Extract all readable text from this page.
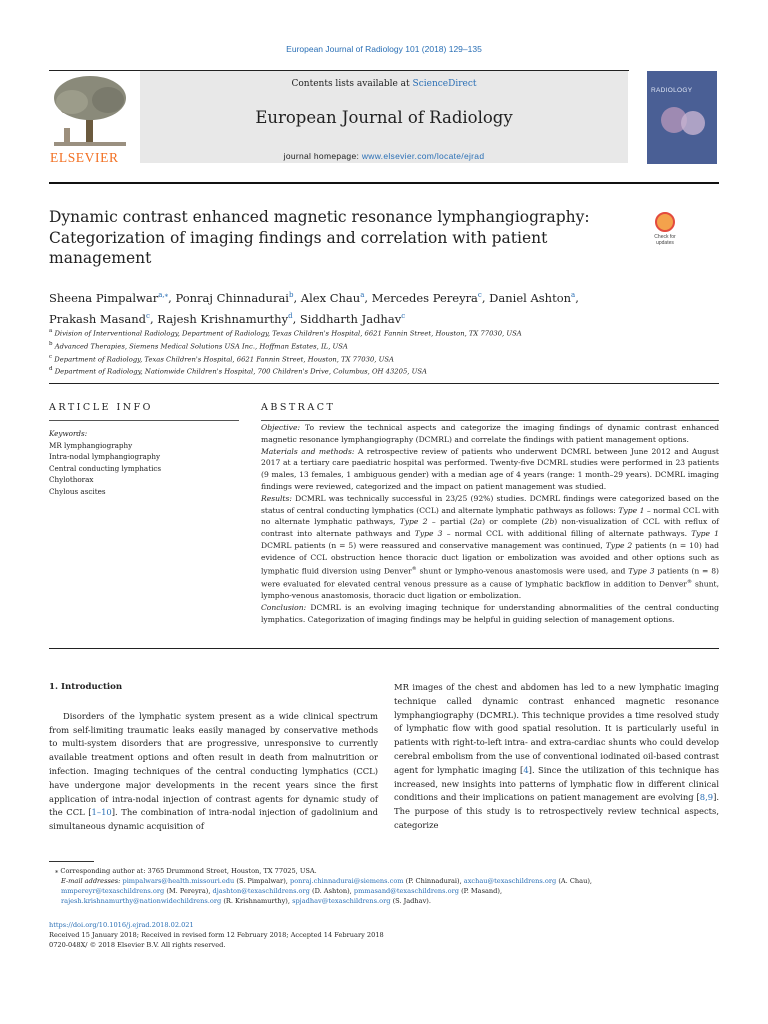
European Journal of Radiology 101 (2018) 129–135
ELSEVIER
Contents lists available at ScienceDirect
European Journal of Radiology
journal homepage: www.elsevier.com/locate/ejrad
RADIOLOGY
Dynamic contrast enhanced magnetic resonance lymphangiography: Categorization of imaging findings and correlation with patient management
Check for updates
Sheena Pimpalwar$^{a,⁎}$, Ponraj Chinnadurai$^b$, Alex Chau$^a$, Mercedes Pereyra$^c$, Daniel Ashton$^a$,
Prakash Masand$^c$, Rajesh Krishnamurthy$^d$, Siddharth Jadhav$^c$
$^a$ Division of Interventional Radiology, Department of Radiology, Texas Children's Hospital, 6621 Fannin Street, Houston, TX 77030, USA
$^b$ Advanced Therapies, Siemens Medical Solutions USA Inc., Hoffman Estates, IL, USA
$^c$ Department of Radiology, Texas Children's Hospital, 6621 Fannin Street, Houston, TX 77030, USA
$^d$ Department of Radiology, Nationwide Children's Hospital, 700 Children's Drive, Columbus, OH 43205, USA
ARTICLE INFO	ABSTRACT
Keywords:
MR lymphangiography
Intra-nodal lymphangiography
Central conducting lymphatics
Chylothorax
Chylous ascites

Objective: To review the technical aspects and categorize the imaging findings of dynamic contrast enhanced magnetic resonance lymphangiography (DCMRL) and correlate the findings with patient management options.

Materials and methods: A retrospective review of patients who underwent DCMRL between June 2012 and August 2017 at a tertiary care paediatric hospital was performed. Twenty-five DCMRL studies were performed in 23 patients (9 males, 13 females, 1 ambiguous gender) with a median age of 4 years (range: 1 month–29 years). DCMRL imaging findings were reviewed, categorized and the impact on patient management was studied.

Results: DCMRL was technically successful in 23/25 (92%) studies. DCMRL findings were categorized based on the status of central conducting lymphatics (CCL) and alternate lymphatic pathways as follows: Type 1 – normal CCL with no alternate lymphatic pathways, Type 2 – partial (2a) or complete (2b) non-visualization of CCL with reflux of contrast into alternate pathways and Type 3 – normal CCL with additional filling of alternate pathways. Type 1 DCMRL patients (n = 5) were reassured and conservative management was continued, Type 2 patients (n = 10) had evidence of CCL obstruction hence thoracic duct ligation or embolization was avoided and other options such as lymphatic fluid diversion using Denver® shunt or lympho-venous anastomosis were used, and Type 3 patients (n = 8) were evaluated for elevated central venous pressure as a cause of lymphatic backflow in addition to Denver® shunt, lympho-venous anastomosis, thoracic duct ligation or embolization.

Conclusion: DCMRL is an evolving imaging technique for understanding abnormalities of the central conducting lymphatics. Categorization of imaging findings may be helpful in guiding selection of management options.

1. Introduction

Disorders of the lymphatic system present as a wide clinical spectrum from self-limiting traumatic leaks easily managed by conservative methods to multi-system disorders that are progressive, unresponsive to currently available treatment options and often result in death from malnutrition or infection. Imaging techniques of the central conducting lymphatics (CCL) have undergone major developments in the recent years since the first application of intra-nodal injection of contrast agents for dynamic study of the CCL [1–10]. The combination of intra-nodal injection of gadolinium and simultaneous dynamic acquisition of

MR images of the chest and abdomen has led to a new lymphatic imaging technique called dynamic contrast enhanced magnetic resonance lymphangiography (DCMRL). This technique provides a time resolved study of lymphatic flow with good spatial resolution. It is particularly useful in patients with right-to-left intra- and extra-cardiac shunts who could develop cerebral embolism from the use of conventional iodinated oil-based contrast agent for lymphatic imaging [4]. Since the utilization of this technique has increased, new insights into patterns of lymphatic flow in different clinical conditions and their implications on patient management are evolving [8,9]. The purpose of this study is to retrospectively review technical aspects, categorize

⁎ Corresponding author at: 3765 Drummond Street, Houston, TX 77025, USA.
E-mail addresses: pimpalwars@health.missouri.edu (S. Pimpalwar), ponraj.chinnadurai@siemens.com (P. Chinnadurai), axchau@texaschildrens.org (A. Chau),
mmpereyr@texaschildrens.org (M. Pereyra), djashton@texaschildrens.org (D. Ashton), pmmasand@texaschildrens.org (P. Masand),
rajesh.krishnamurthy@nationwidechildrens.org (R. Krishnamurthy), spjadhav@texaschildrens.org (S. Jadhav).
https://doi.org/10.1016/j.ejrad.2018.02.021
Received 15 January 2018; Received in revised form 12 February 2018; Accepted 14 February 2018
0720-048X/ © 2018 Elsevier B.V. All rights reserved.
